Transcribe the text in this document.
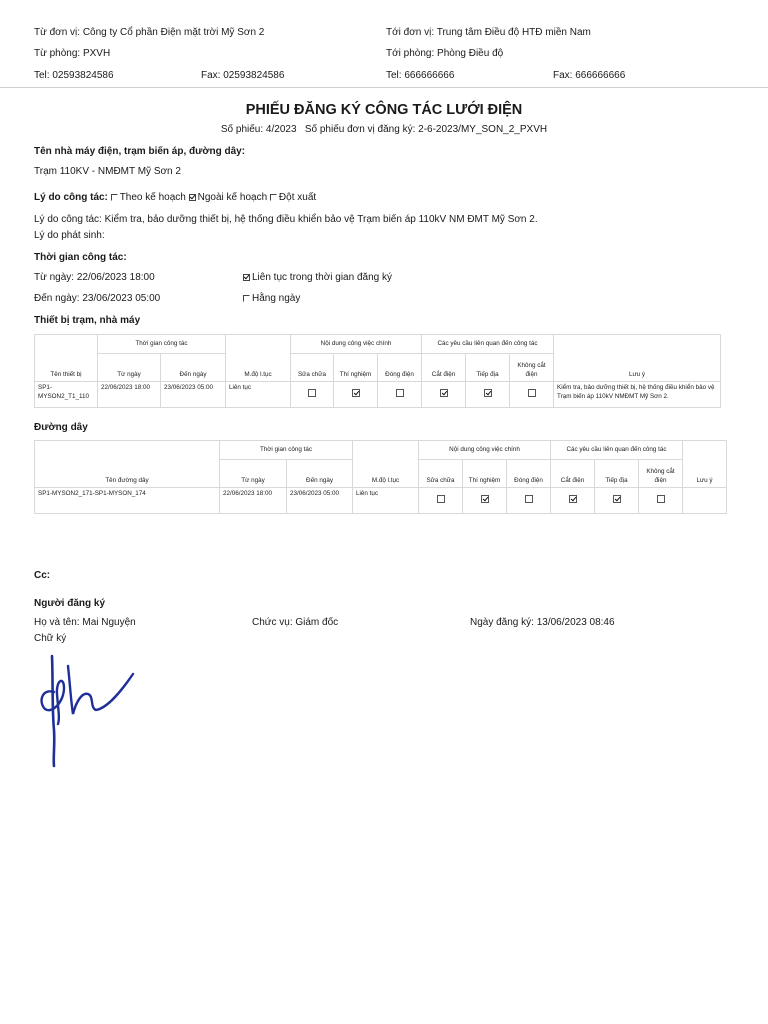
Từ đơn vị: Công ty Cổ phần Điện mặt trời Mỹ Sơn 2	Tới đơn vị: Trung tâm Điều độ HTĐ miền Nam
Từ phòng: PXVH	Tới phòng: Phòng Điều độ
Tel: 02593824586	Fax: 02593824586	Tel: 666666666	Fax: 666666666
PHIẾU ĐĂNG KÝ CÔNG TÁC LƯỚI ĐIỆN
Số phiếu: 4/2023   Số phiếu đơn vị đăng ký: 2-6-2023/MY_SON_2_PXVH
Tên nhà máy điện, trạm biến áp, đường dây:
Trạm 110KV - NMĐMT Mỹ Sơn 2
Lý do công tác: Theo kế hoạch Ngoài kế hoạch Đột xuất
Lý do công tác: Kiểm tra, bảo dưỡng thiết bị, hệ thống điều khiển bảo vệ Trạm biến áp 110kV NM ĐMT Mỹ Sơn 2.
Lý do phát sinh:
Thời gian công tác:
Từ ngày: 22/06/2023 18:00
Đến ngày: 23/06/2023 05:00
Liên tục trong thời gian đăng ký
Hằng ngày
Thiết bị trạm, nhà máy
Tên thiết bị	Thời gian công tác		M.độ l.tục	Nội dung công việc chính			Các yêu cầu liên quan đến công tác			Lưu ý
	Từ ngày	Đến ngày		Sửa chữa	Thí nghiệm	Đóng điện	Cắt điện	Tiếp địa	Không cắt điện	
SP1-MYSON2_T1_110	22/06/2023 18:00	23/06/2023 05:00	Liên tục							Kiểm tra, bảo dưỡng thiết bị, hệ thống điều khiển bảo vệ Trạm biến áp 110kV NMĐMT Mỹ Sơn 2.
Đường dây
Tên đường dây	Thời gian công tác		M.độ l.tục	Nội dung công việc chính			Các yêu cầu liên quan đến công tác			Lưu ý
	Từ ngày	Đến ngày		Sửa chữa	Thí nghiệm	Đóng điện	Cắt điện	Tiếp địa	Không cắt điện	
SP1-MYSON2_171-SP1-MYSON_174	22/06/2023 18:00	23/06/2023 05:00	Liên tục							
Cc:
Người đăng ký
Họ và tên: Mai Nguyện	Chức vụ: Giám đốc	Ngày đăng ký: 13/06/2023 08:46
Chữ ký
